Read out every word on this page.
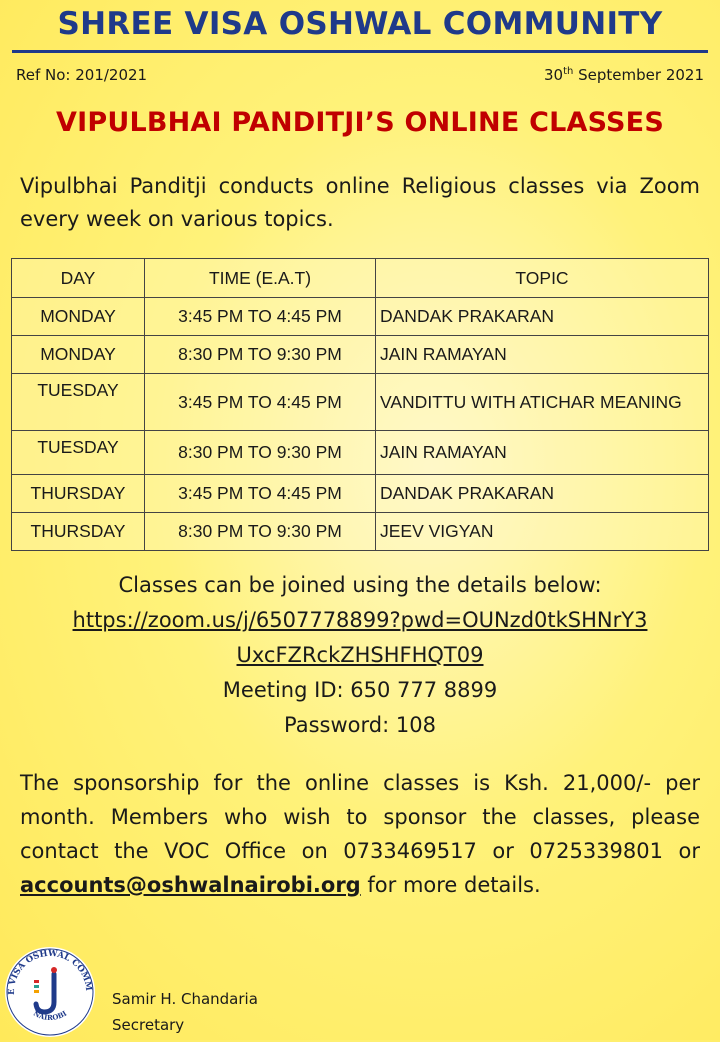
SHREE VISA OSHWAL COMMUNITY
Ref No: 201/2021	30th September 2021
VIPULBHAI PANDITJI’S ONLINE CLASSES
Vipulbhai Panditji conducts online Religious classes via Zoom every week on various topics.
DAY	TIME (E.A.T)	TOPIC
MONDAY	3:45 PM TO 4:45 PM	DANDAK PRAKARAN
MONDAY	8:30 PM TO 9:30 PM	JAIN RAMAYAN
TUESDAY	3:45 PM TO 4:45 PM	VANDITTU WITH ATICHAR MEANING
TUESDAY	8:30 PM TO 9:30 PM	JAIN RAMAYAN
THURSDAY	3:45 PM TO 4:45 PM	DANDAK PRAKARAN
THURSDAY	8:30 PM TO 9:30 PM	JEEV VIGYAN
Classes can be joined using the details below:
https://zoom.us/j/6507778899?pwd=OUNzd0tkSHNrY3
UxcFZRckZHSHFHQT09
Meeting ID: 650 777 8899
Password: 108
The sponsorship for the online classes is Ksh. 21,000/- per month. Members who wish to sponsor the classes, please contact the VOC Office on 0733469517 or 0725339801 or accounts@oshwalnairobi.org for more details.
E VISA OSHWAL COMM
NAIROBI
Samir H. Chandaria
Secretary
